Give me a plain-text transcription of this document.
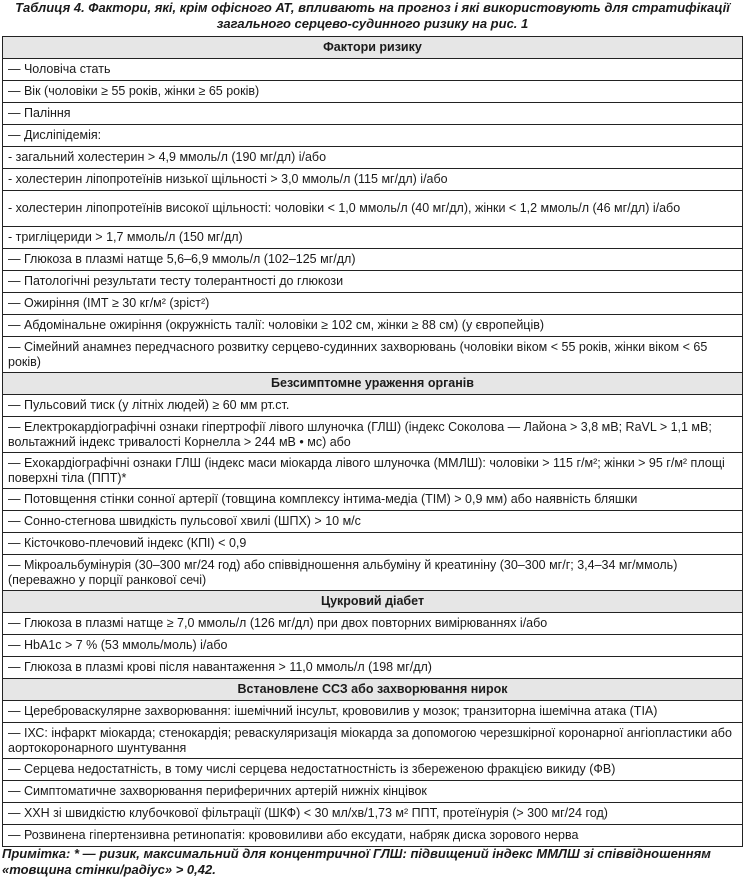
Таблиця 4. Фактори, які, крім офісного АТ, впливають на прогноз і які використовують для стратифікації
загального серцево-судинного ризику на рис. 1
Фактори ризику
— Чоловіча стать
— Вік (чоловіки ≥ 55 років, жінки ≥ 65 років)
— Паління
— Дисліпідемія:
- загальний холестерин > 4,9 ммоль/л (190 мг/дл) і/або
- холестерин ліпопротеїнів низької щільності > 3,0 ммоль/л (115 мг/дл) і/або
- холестерин ліпопротеїнів високої щільності: чоловіки < 1,0 ммоль/л (40 мг/дл), жінки < 1,2 ммоль/л (46 мг/дл) і/або
- тригліцериди > 1,7 ммоль/л (150 мг/дл)
— Глюкоза в плазмі натще 5,6–6,9 ммоль/л (102–125 мг/дл)
— Патологічні результати тесту толерантності до глюкози
— Ожиріння (ІМТ ≥ 30 кг/м² (зріст²)
— Абдомінальне ожиріння (окружність талії: чоловіки ≥ 102 см, жінки ≥ 88 см) (у європейців)
— Сімейний анамнез передчасного розвитку серцево-судинних захворювань (чоловіки віком < 55 років, жінки віком < 65 років)
Безсимптомне ураження органів
— Пульсовий тиск (у літніх людей) ≥ 60 мм рт.ст.
— Електрокардіографічні ознаки гіпертрофії лівого шлуночка (ГЛШ) (індекс Соколова — Лайона > 3,8 мВ; RaVL > 1,1 мВ; вольтажний індекс тривалості Корнелла > 244 мВ • мс) або
— Ехокардіографічні ознаки ГЛШ (індекс маси міокарда лівого шлуночка (ММЛШ): чоловіки > 115 г/м²; жінки > 95 г/м² площі поверхні тіла (ППТ)*
— Потовщення стінки сонної артерії (товщина комплексу інтима-медіа (ТІМ) > 0,9 мм) або наявність бляшки
— Сонно-стегнова швидкість пульсової хвилі (ШПХ) > 10 м/с
— Кісточково-плечовий індекс (КПІ) < 0,9
— Мікроальбумінурія (30–300 мг/24 год) або співвідношення альбуміну й креатиніну (30–300 мг/г; 3,4–34 мг/ммоль) (переважно у порції ранкової сечі)
Цукровий діабет
— Глюкоза в плазмі натще ≥ 7,0 ммоль/л (126 мг/дл) при двох повторних вимірюваннях і/або
— HbA1c > 7 % (53 ммоль/моль) і/або
— Глюкоза в плазмі крові після навантаження > 11,0 ммоль/л (198 мг/дл)
Встановлене ССЗ або захворювання нирок
— Цереброваскулярне захворювання: ішемічний інсульт, крововилив у мозок; транзиторна ішемічна атака (ТІА)
— ІХС: інфаркт міокарда; стенокардія; реваскуляризація міокарда за допомогою черезшкірної коронарної ангіопластики або аортокоронарного шунтування
— Серцева недостатність, в тому числі серцева недостатностність із збереженою фракцією викиду (ФВ)
— Симптоматичне захворювання периферичних артерій нижніх кінцівок
— ХХН зі швидкістю клубочкової фільтрації (ШКФ) < 30 мл/хв/1,73 м² ППТ, протеїнурія (> 300 мг/24 год)
— Розвинена гіпертензивна ретинопатія: крововиливи або ексудати, набряк диска зорового нерва
Примітка: * — ризик, максимальний для концентричної ГЛШ: підвищений індекс ММЛШ зі співвідношенням «товщина стінки/радіус» > 0,42.
